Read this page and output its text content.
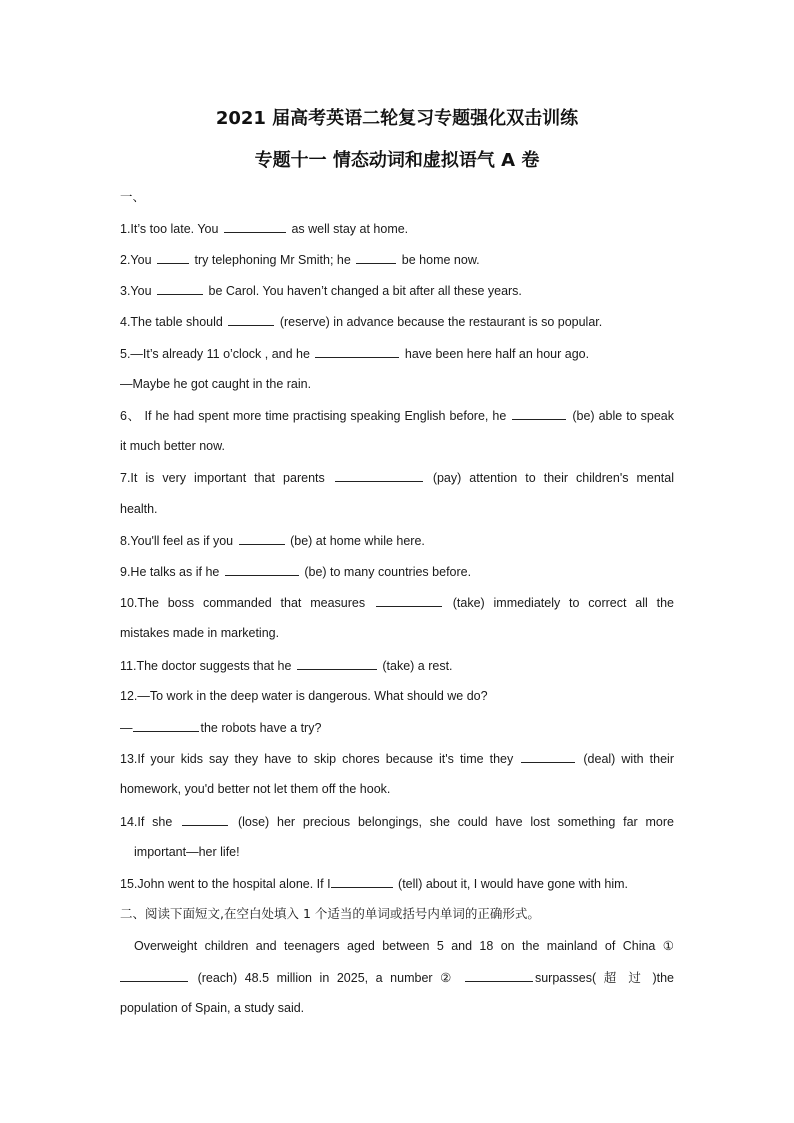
2021 届高考英语二轮复习专题强化双击训练
专题十一 情态动词和虚拟语气 A 卷
一、
1.It’s too late. You	as well stay at home.
2.You	try telephoning Mr Smith; he	be home now.
3.You	be Carol. You haven’t changed a bit after all these years.
4.The table should	(reserve) in advance because the restaurant is so popular.
5.—It’s already 11 o’clock , and he	have been here half an hour ago.
—Maybe he got caught in the rain.
6、 If he had spent more time practising speaking English before, he	(be) able to speak
it much better now.
7.It is very important that parents	(pay) attention to their children's mental
health.
8.You'll feel as if you	(be) at home while here.
9.He talks as if he	(be) to many countries before.
10.The boss commanded that measures	(take) immediately to correct all the
mistakes made in marketing.
11.The doctor suggests that he	(take) a rest.
12.—To work in the deep water is dangerous. What should we do?
—	the robots have a try?
13.If your kids say they have to skip chores because it's time they	(deal) with their
homework, you'd better not let them off the hook.
14.If she	(lose) her precious belongings, she could have lost something far more
important—her life!
15.John went to the hospital alone. If I	(tell) about it, I would have gone with him.
二、阅读下面短文,在空白处填入 1 个适当的单词或括号内单词的正确形式。
Overweight children and teenagers aged between 5 and 18 on the mainland of China ①
(reach) 48.5 million in 2025, a number ②	surpasses( 超 过 )the
population of Spain, a study said.
